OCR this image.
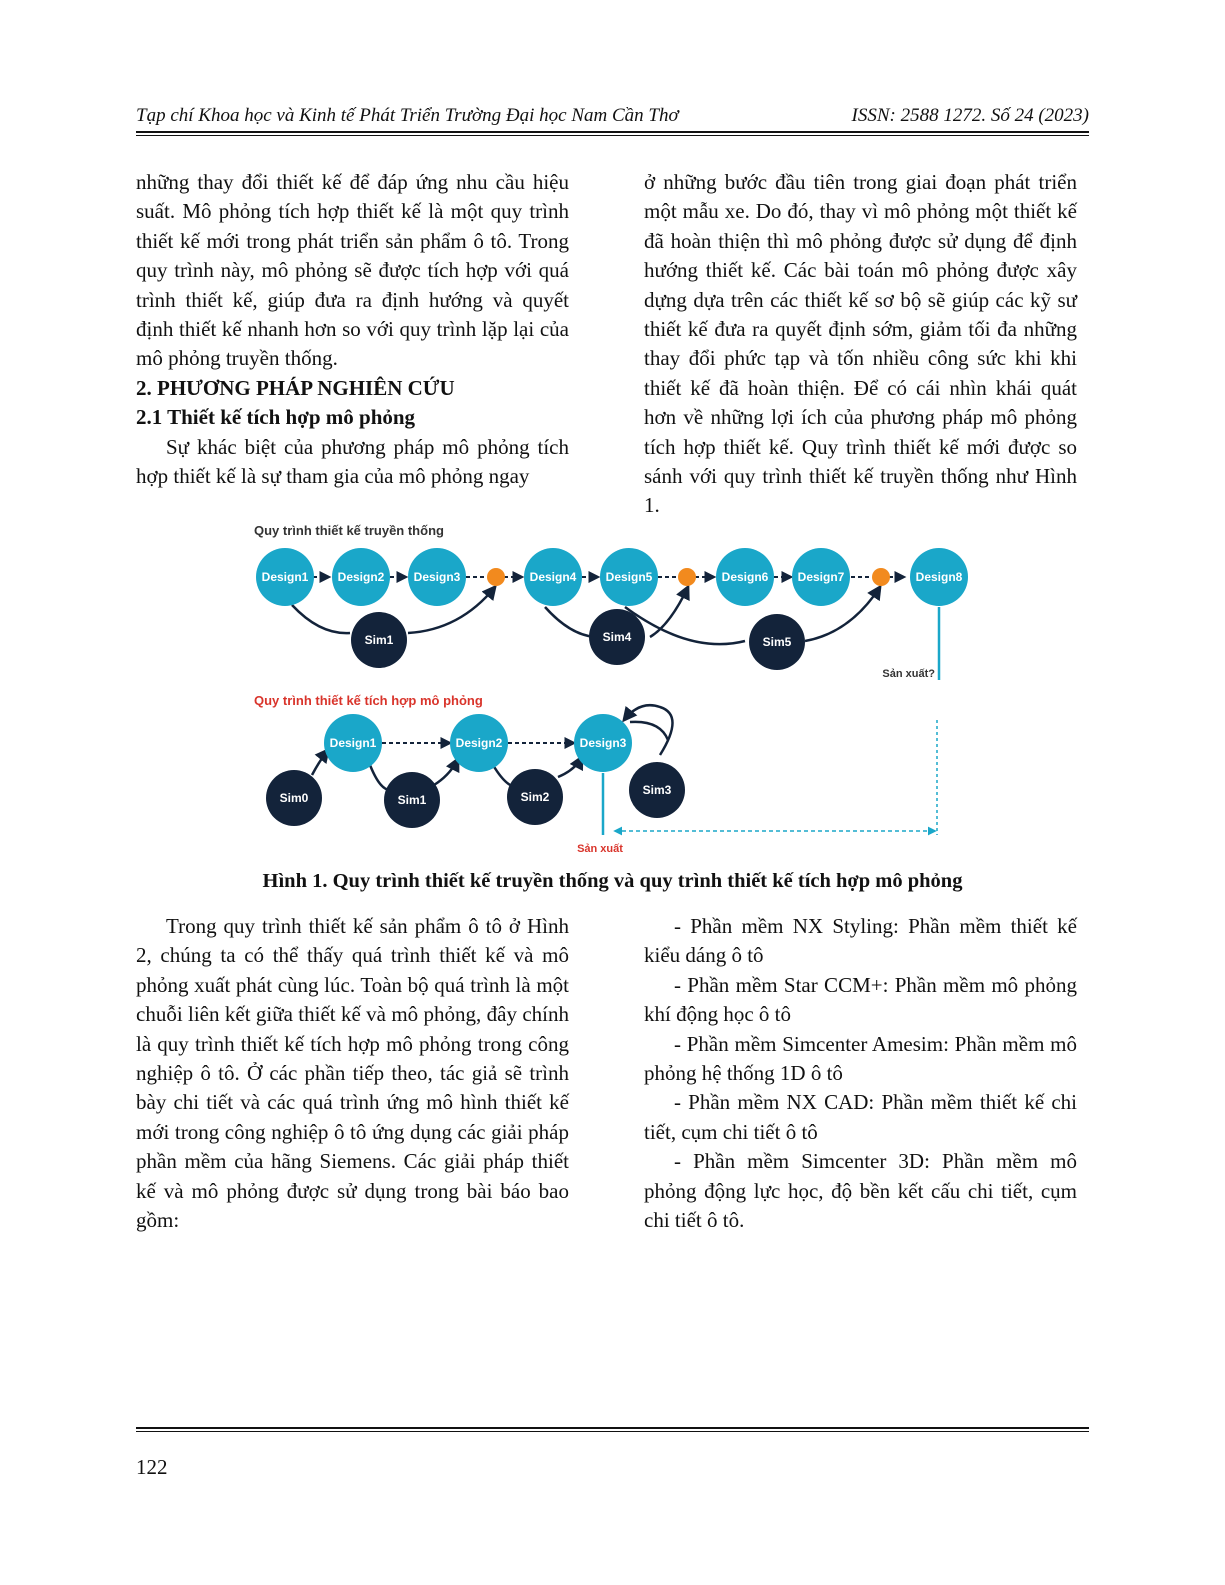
Tạp chí Khoa học và Kinh tế Phát Triển Trường Đại học Nam Cần Thơ	ISSN: 2588 1272. Số 24 (2023)

những thay đổi thiết kế để đáp ứng nhu cầu hiệu suất. Mô phỏng tích hợp thiết kế là một quy trình thiết kế mới trong phát triển sản phẩm ô tô. Trong quy trình này, mô phỏng sẽ được tích hợp với quá trình thiết kế, giúp đưa ra định hướng và quyết định thiết kế nhanh hơn so với quy trình lặp lại của mô phỏng truyền thống.

2. PHƯƠNG PHÁP NGHIÊN CỨU

2.1 Thiết kế tích hợp mô phỏng

Sự khác biệt của phương pháp mô phỏng tích hợp thiết kế là sự tham gia của mô phỏng ngay

ở những bước đầu tiên trong giai đoạn phát triển một mẫu xe. Do đó, thay vì mô phỏng một thiết kế đã hoàn thiện thì mô phỏng được sử dụng để định hướng thiết kế. Các bài toán mô phỏng được xây dựng dựa trên các thiết kế sơ bộ sẽ giúp các kỹ sư thiết kế đưa ra quyết định sớm, giảm tối đa những thay đổi phức tạp và tốn nhiều công sức khi khi thiết kế đã hoàn thiện. Để có cái nhìn khái quát hơn về những lợi ích của phương pháp mô phỏng tích hợp thiết kế. Quy trình thiết kế mới được so sánh với quy trình thiết kế truyền thống như Hình 1.

Quy trình thiết kế truyền thống
Design1 Design2 Design3	Design4 Design5	Design6 Design7	Design8
Sim1	Sim4	Sim5
Sản xuất?
Quy trình thiết kế tích hợp mô phỏng
Design1	Design2	Design3
Sim0	Sim1	Sim2	Sim3
Sản xuất
Hình 1. Quy trình thiết kế truyền thống và quy trình thiết kế tích hợp mô phỏng

Trong quy trình thiết kế sản phẩm ô tô ở Hình 2, chúng ta có thể thấy quá trình thiết kế và mô phỏng xuất phát cùng lúc. Toàn bộ quá trình là một chuỗi liên kết giữa thiết kế và mô phỏng, đây chính là quy trình thiết kế tích hợp mô phỏng trong công nghiệp ô tô. Ở các phần tiếp theo, tác giả sẽ trình bày chi tiết và các quá trình ứng mô hình thiết kế mới trong công nghiệp ô tô ứng dụng các giải pháp phần mềm của hãng Siemens. Các giải pháp thiết kế và mô phỏng được sử dụng trong bài báo bao gồm:

- Phần mềm NX Styling: Phần mềm thiết kế kiểu dáng ô tô

- Phần mềm Star CCM+: Phần mềm mô phỏng khí động học ô tô

- Phần mềm Simcenter Amesim: Phần mềm mô phỏng hệ thống 1D ô tô

- Phần mềm NX CAD: Phần mềm thiết kế chi tiết, cụm chi tiết ô tô

- Phần mềm Simcenter 3D: Phần mềm mô phỏng động lực học, độ bền kết cấu chi tiết, cụm chi tiết ô tô.

122
